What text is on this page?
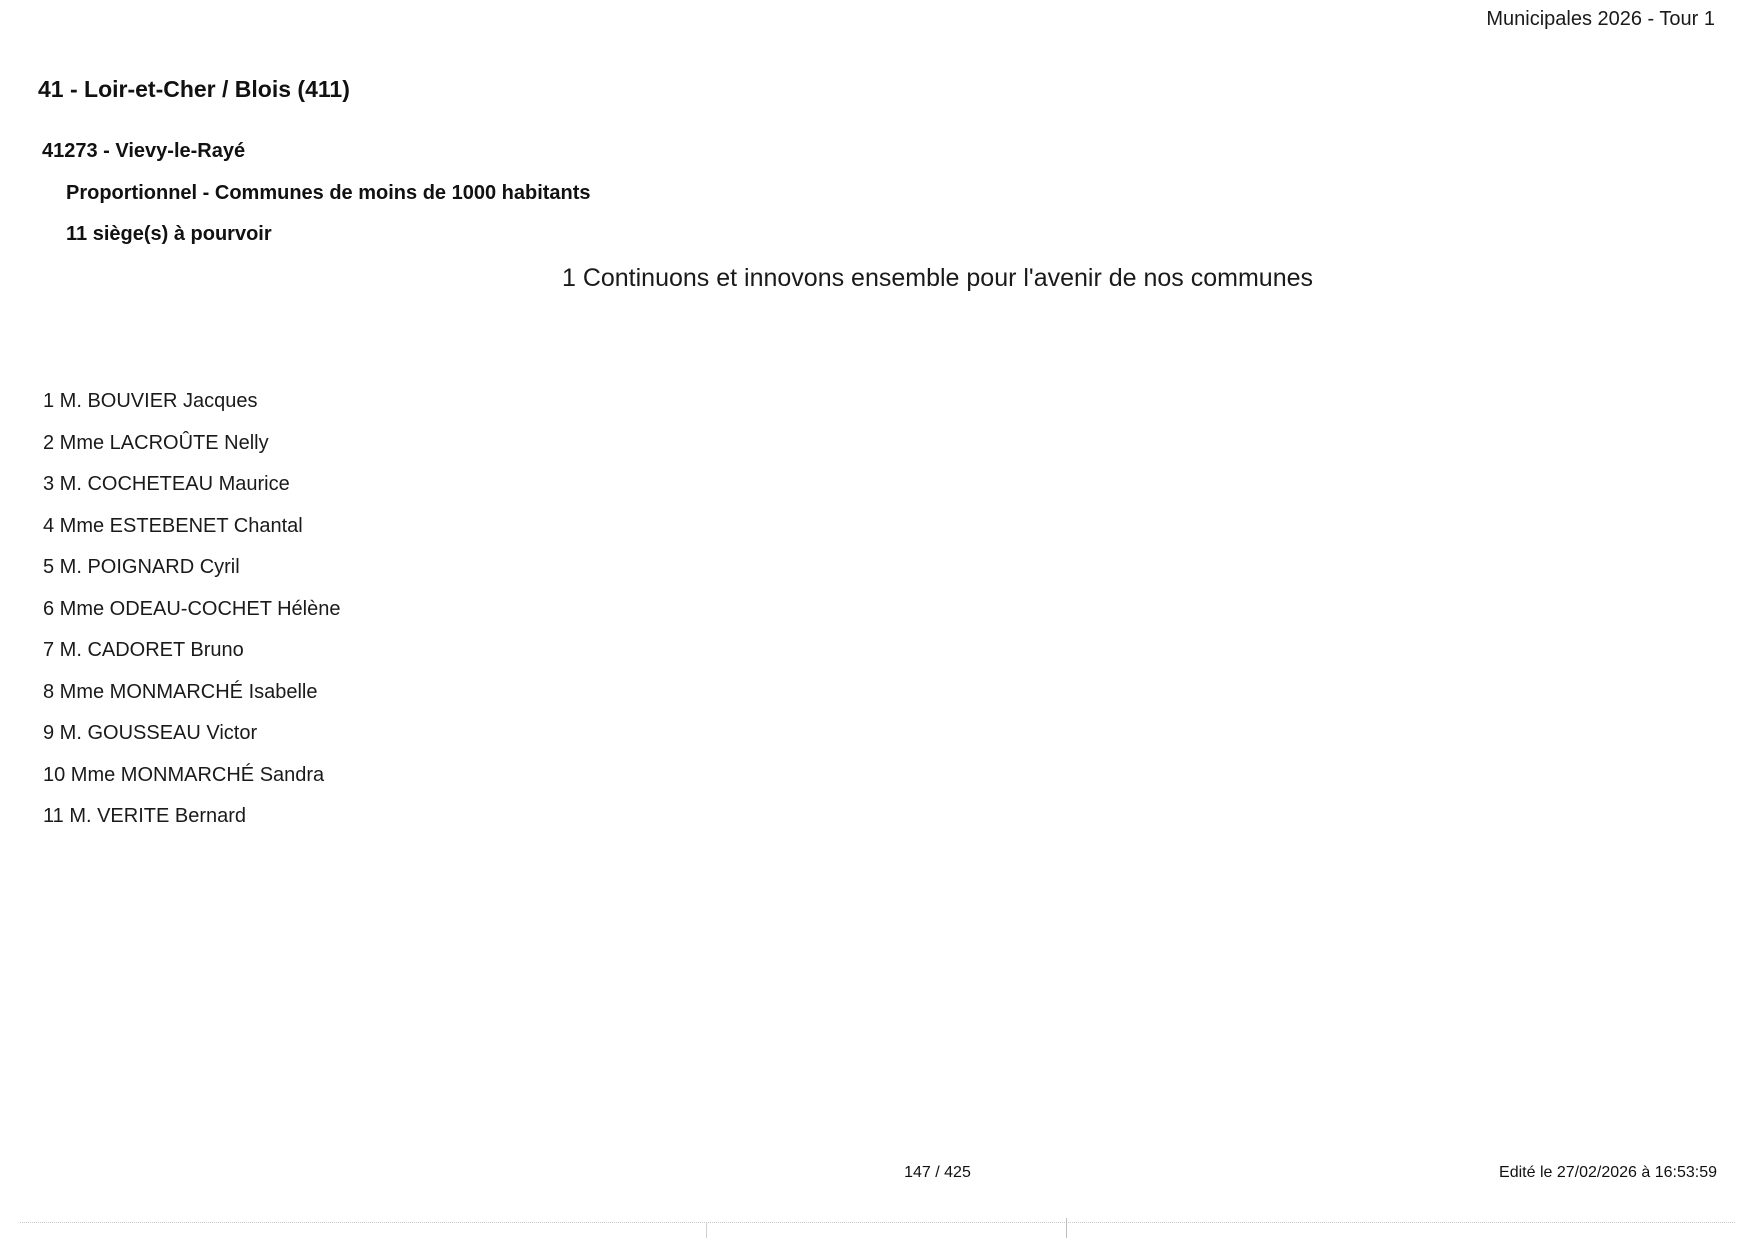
Municipales 2026 - Tour 1
41 - Loir-et-Cher / Blois (411)
41273 - Vievy-le-Rayé
Proportionnel - Communes de moins de 1000 habitants
11 siège(s) à pourvoir
1 Continuons et innovons ensemble pour l'avenir de nos communes
1 M. BOUVIER Jacques
2 Mme LACROÛTE Nelly
3 M. COCHETEAU Maurice
4 Mme ESTEBENET Chantal
5 M. POIGNARD Cyril
6 Mme ODEAU-COCHET Hélène
7 M. CADORET Bruno
8 Mme MONMARCHÉ Isabelle
9 M. GOUSSEAU Victor
10 Mme MONMARCHÉ Sandra
11 M. VERITE Bernard
147 / 425	Edité le 27/02/2026 à 16:53:59
